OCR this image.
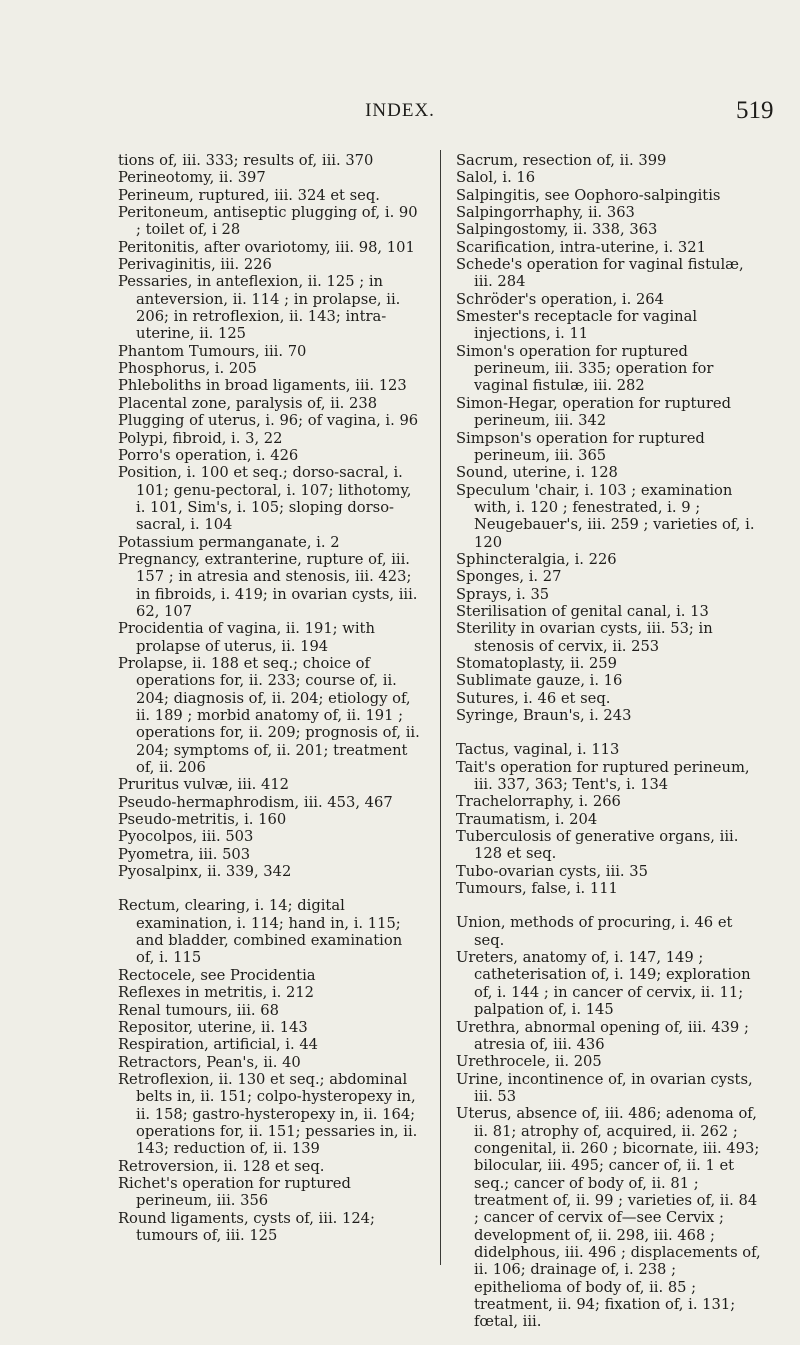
INDEX.	519

tions of, iii. 333; results of, iii. 370

Perineotomy, ii. 397

Perineum, ruptured, iii. 324 et seq.

Peritoneum, antiseptic plugging of, i. 90 ; toilet of, i 28

Peritonitis, after ovariotomy, iii. 98, 101

Perivaginitis, iii. 226

Pessaries, in anteflexion, ii. 125 ; in anteversion, ii. 114 ; in prolapse, ii. 206; in retroflexion, ii. 143; intra-uterine, ii. 125

Phantom Tumours, iii. 70

Phosphorus, i. 205

Phleboliths in broad ligaments, iii. 123

Placental zone, paralysis of, ii. 238

Plugging of uterus, i. 96; of vagina, i. 96

Polypi, fibroid, i. 3, 22

Porro's operation, i. 426

Position, i. 100 et seq.; dorso-sacral, i. 101; genu-pectoral, i. 107; lithotomy, i. 101, Sim's, i. 105; sloping dorso-sacral, i. 104

Potassium permanganate, i. 2

Pregnancy, extranterine, rupture of, iii. 157 ; in atresia and stenosis, iii. 423; in fibroids, i. 419; in ovarian cysts, iii. 62, 107

Procidentia of vagina, ii. 191; with prolapse of uterus, ii. 194

Prolapse, ii. 188 et seq.; choice of operations for, ii. 233; course of, ii. 204; diagnosis of, ii. 204; etiology of, ii. 189 ; morbid anatomy of, ii. 191 ; operations for, ii. 209; prognosis of, ii. 204; symptoms of, ii. 201; treatment of, ii. 206

Pruritus vulvæ, iii. 412

Pseudo-hermaphrodism, iii. 453, 467

Pseudo-metritis, i. 160

Pyocolpos, iii. 503

Pyometra, iii. 503

Pyosalpinx, ii. 339, 342

Rectum, clearing, i. 14; digital examination, i. 114; hand in, i. 115; and bladder, combined examination of, i. 115

Rectocele, see Procidentia

Reflexes in metritis, i. 212

Renal tumours, iii. 68

Repositor, uterine, ii. 143

Respiration, artificial, i. 44

Retractors, Pean's, ii. 40

Retroflexion, ii. 130 et seq.; abdominal belts in, ii. 151; colpo-hysteropexy in, ii. 158; gastro-hysteropexy in, ii. 164; operations for, ii. 151; pessaries in, ii. 143; reduction of, ii. 139

Retroversion, ii. 128 et seq.

Richet's operation for ruptured perineum, iii. 356

Round ligaments, cysts of, iii. 124; tumours of, iii. 125

Sacrum, resection of, ii. 399

Salol, i. 16

Salpingitis, see Oophoro-salpingitis

Salpingorrhaphy, ii. 363

Salpingostomy, ii. 338, 363

Scarification, intra-uterine, i. 321

Schede's operation for vaginal fistulæ, iii. 284

Schröder's operation, i. 264

Smester's receptacle for vaginal injections, i. 11

Simon's operation for ruptured perineum, iii. 335; operation for vaginal fistulæ, iii. 282

Simon-Hegar, operation for ruptured perineum, iii. 342

Simpson's operation for ruptured perineum, iii. 365

Sound, uterine, i. 128

Speculum 'chair, i. 103 ; examination with, i. 120 ; fenestrated, i. 9 ; Neugebauer's, iii. 259 ; varieties of, i. 120

Sphincteralgia, i. 226

Sponges, i. 27

Sprays, i. 35

Sterilisation of genital canal, i. 13

Sterility in ovarian cysts, iii. 53; in stenosis of cervix, ii. 253

Stomatoplasty, ii. 259

Sublimate gauze, i. 16

Sutures, i. 46 et seq.

Syringe, Braun's, i. 243

Tactus, vaginal, i. 113

Tait's operation for ruptured perineum, iii. 337, 363; Tent's, i. 134

Trachelorraphy, i. 266

Traumatism, i. 204

Tuberculosis of generative organs, iii. 128 et seq.

Tubo-ovarian cysts, iii. 35

Tumours, false, i. 111

Union, methods of procuring, i. 46 et seq.

Ureters, anatomy of, i. 147, 149 ; catheterisation of, i. 149; exploration of, i. 144 ; in cancer of cervix, ii. 11; palpation of, i. 145

Urethra, abnormal opening of, iii. 439 ; atresia of, iii. 436

Urethrocele, ii. 205

Urine, incontinence of, in ovarian cysts, iii. 53

Uterus, absence of, iii. 486; adenoma of, ii. 81; atrophy of, acquired, ii. 262 ; congenital, ii. 260 ; bicornate, iii. 493; bilocular, iii. 495; cancer of, ii. 1 et seq.; cancer of body of, ii. 81 ; treatment of, ii. 99 ; varieties of, ii. 84 ; cancer of cervix of—see Cervix ; development of, ii. 298, iii. 468 ; didelphous, iii. 496 ; displacements of, ii. 106; drainage of, i. 238 ; epithelioma of body of, ii. 85 ; treatment, ii. 94; fixation of, i. 131; fœtal, iii.
